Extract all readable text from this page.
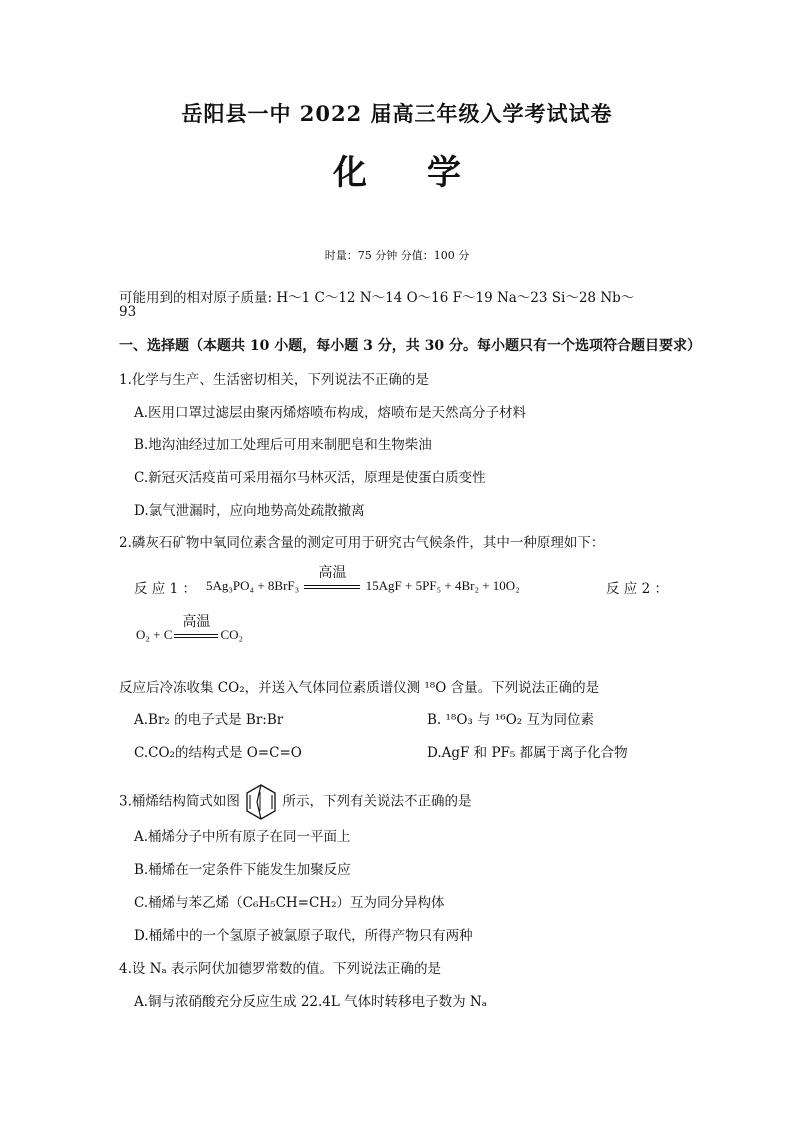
岳阳县一中 2022 届高三年级入学考试试卷
化学
时量：75 分钟 分值：100 分
可能用到的相对原子质量: H～1 C～12 N～14 O～16 F～19 Na～23 Si～28 Nb～
93
一、选择题（本题共 10 小题，每小题 3 分，共 30 分。每小题只有一个选项符合题目要求）
1.化学与生产、生活密切相关，下列说法不正确的是
A.医用口罩过滤层由聚丙烯熔喷布构成，熔喷布是天然高分子材料
B.地沟油经过加工处理后可用来制肥皂和生物柴油
C.新冠灭活疫苗可采用福尔马林灭活，原理是使蛋白质变性
D.氯气泄漏时，应向地势高处疏散撤离
2.磷灰石矿物中氧同位素含量的测定可用于研究古气候条件，其中一种原理如下：
反 应 1 ： 5Ag₃PO₄ + 8BrF₃
高温
15AgF + 5PF₅ + 4Br₂ + 10O₂	反 应 2 ：
O₂ + C
高温
CO₂
反应后冷冻收集 CO₂，并送入气体同位素质谱仪测 ¹⁸O 含量。下列说法正确的是
A.Br₂ 的电子式是 Br:Br	B. ¹⁸O₃ 与 ¹⁶O₂ 互为同位素
C.CO₂的结构式是 O=C=O	D.AgF 和 PF₅ 都属于离子化合物
3.桶烯结构简式如图	所示，下列有关说法不正确的是
A.桶烯分子中所有原子在同一平面上
B.桶烯在一定条件下能发生加聚反应
C.桶烯与苯乙烯（C₆H₅CH=CH₂）互为同分异构体
D.桶烯中的一个氢原子被氯原子取代，所得产物只有两种
4.设 Nₐ 表示阿伏加德罗常数的值。下列说法正确的是
A.铜与浓硝酸充分反应生成 22.4L 气体时转移电子数为 Nₐ
